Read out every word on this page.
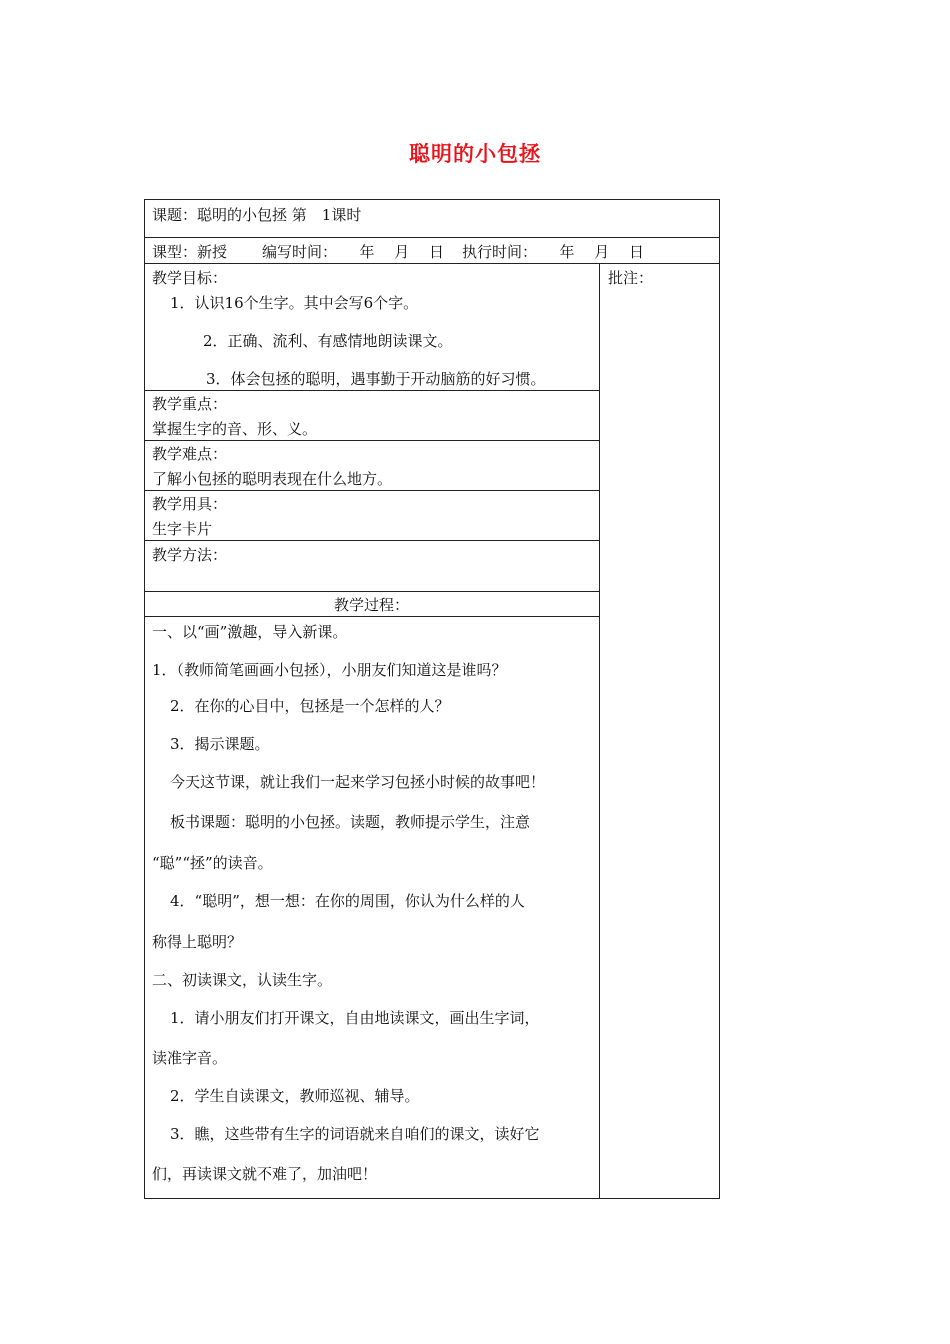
聪明的小包拯
课题：聪明的小包拯 第　1课时
课型：新授 编写时间：　　年　 月　 日 执行时间：　　年　 月　 日
批注：
教学目标：
1．认识16个生字。其中会写6个字。
2．正确、流利、有感情地朗读课文。
3．体会包拯的聪明，遇事勤于开动脑筋的好习惯。
教学重点：
掌握生字的音、形、义。
教学难点：
了解小包拯的聪明表现在什么地方。
教学用具：
生字卡片
教学方法：
教学过程：
一、以“画”激趣，导入新课。
1．（教师简笔画画小包拯），小朋友们知道这是谁吗？
2．在你的心目中，包拯是一个怎样的人？
3．揭示课题。
今天这节课，就让我们一起来学习包拯小时候的故事吧！
板书课题：聪明的小包拯。读题，教师提示学生，注意
“聪”“拯”的读音。
4．“聪明”，想一想：在你的周围，你认为什么样的人
称得上聪明？
二、初读课文，认读生字。
1．请小朋友们打开课文，自由地读课文，画出生字词，
读准字音。
2．学生自读课文，教师巡视、辅导。
3．瞧，这些带有生字的词语就来自咱们的课文，读好它
们，再读课文就不难了，加油吧！
